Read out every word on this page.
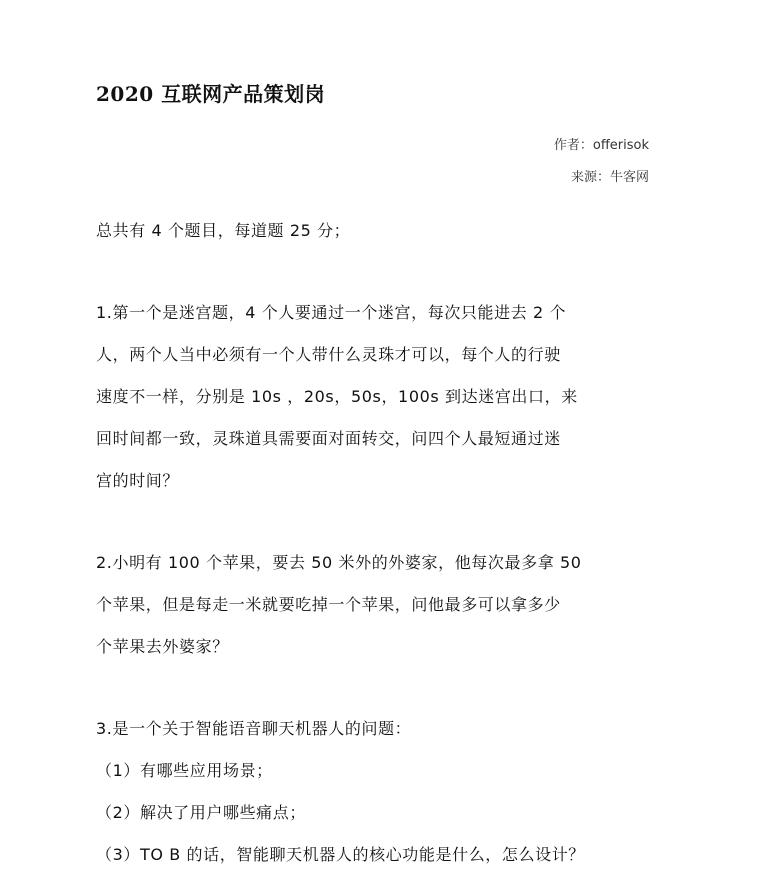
2020 互联网产品策划岗
作者：offerisok
来源：牛客网
总共有 4 个题目，每道题 25 分；
1.第一个是迷宫题，4 个人要通过一个迷宫，每次只能进去 2 个
人，两个人当中必须有一个人带什么灵珠才可以，每个人的行驶
速度不一样，分别是 10s ，20s，50s，100s 到达迷宫出口，来
回时间都一致，灵珠道具需要面对面转交，问四个人最短通过迷
宫的时间？
2.小明有 100 个苹果，要去 50 米外的外婆家，他每次最多拿 50
个苹果，但是每走一米就要吃掉一个苹果，问他最多可以拿多少
个苹果去外婆家？
3.是一个关于智能语音聊天机器人的问题：
（1）有哪些应用场景；
（2）解决了用户哪些痛点；
（3）TO B 的话，智能聊天机器人的核心功能是什么，怎么设计？
